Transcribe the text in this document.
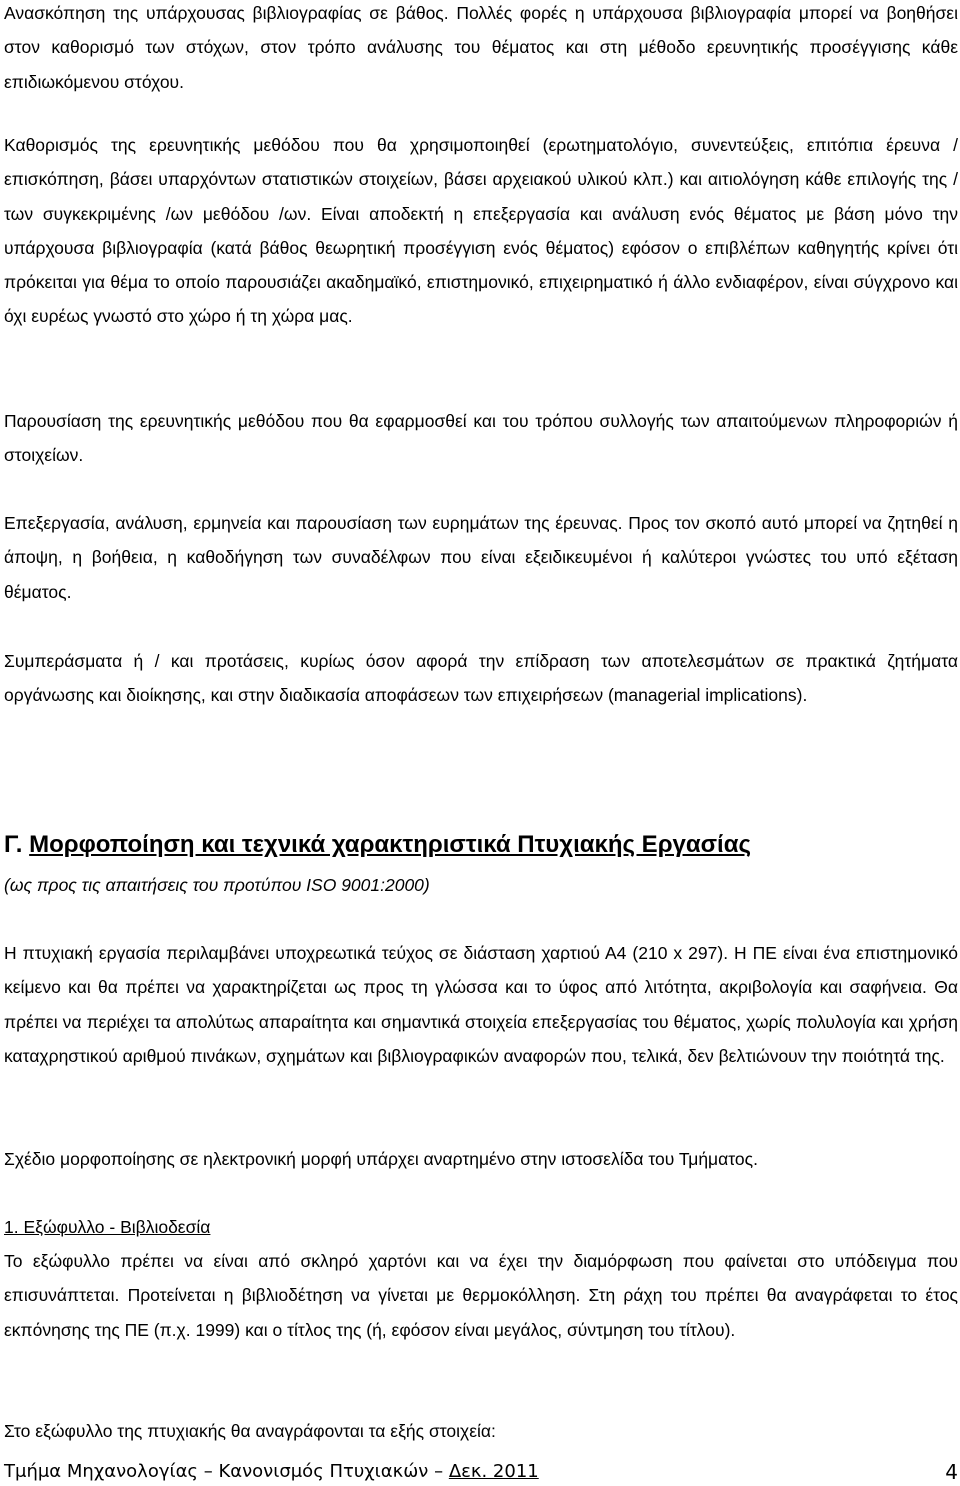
Ανασκόπηση της υπάρχουσας βιβλιογραφίας σε βάθος. Πολλές φορές η υπάρχουσα βιβλιογραφία μπορεί να βοηθήσει στον καθορισμό των στόχων, στον τρόπο ανάλυσης του θέματος και στη μέθοδο ερευνητικής προσέγγισης κάθε επιδιωκόμενου στόχου.

Καθορισμός της ερευνητικής μεθόδου που θα χρησιμοποιηθεί (ερωτηματολόγιο, συνεντεύξεις, επιτόπια έρευνα / επισκόπηση, βάσει υπαρχόντων στατιστικών στοιχείων, βάσει αρχειακού υλικού κλπ.) και αιτιολόγηση κάθε επιλογής της / των συγκεκριμένης /ων μεθόδου /ων. Είναι αποδεκτή η επεξεργασία και ανάλυση ενός θέματος με βάση μόνο την υπάρχουσα βιβλιογραφία (κατά βάθος θεωρητική προσέγγιση ενός θέματος) εφόσον ο επιβλέπων καθηγητής κρίνει ότι πρόκειται για θέμα το οποίο παρουσιάζει ακαδημαϊκό, επιστημονικό, επιχειρηματικό ή άλλο ενδιαφέρον, είναι σύγχρονο και όχι ευρέως γνωστό στο χώρο ή τη χώρα μας.

Παρουσίαση της ερευνητικής μεθόδου που θα εφαρμοσθεί και του τρόπου συλλογής των απαιτούμενων πληροφοριών ή στοιχείων.

Επεξεργασία, ανάλυση, ερμηνεία και παρουσίαση των ευρημάτων της έρευνας. Προς τον σκοπό αυτό μπορεί να ζητηθεί η άποψη, η βοήθεια, η καθοδήγηση των συναδέλφων που είναι εξειδικευμένοι ή καλύτεροι γνώστες του υπό εξέταση θέματος.

Συμπεράσματα ή / και προτάσεις, κυρίως όσον αφορά την επίδραση των αποτελεσμάτων σε πρακτικά ζητήματα οργάνωσης και διοίκησης, και στην διαδικασία αποφάσεων των επιχειρήσεων (managerial implications).

Γ. Μορφοποίηση και τεχνικά χαρακτηριστικά Πτυχιακής Εργασίας

(ως προς τις απαιτήσεις του προτύπου ISO 9001:2000)

Η πτυχιακή εργασία περιλαμβάνει υποχρεωτικά τεύχος σε διάσταση χαρτιού Α4 (210 x 297). Η ΠΕ είναι ένα επιστημονικό κείμενο και θα πρέπει να χαρακτηρίζεται ως προς τη γλώσσα και το ύφος από λιτότητα, ακριβολογία και σαφήνεια. Θα πρέπει να περιέχει τα απολύτως απαραίτητα και σημαντικά στοιχεία επεξεργασίας του θέματος, χωρίς πολυλογία και χρήση καταχρηστικού αριθμού πινάκων, σχημάτων και βιβλιογραφικών αναφορών που, τελικά, δεν βελτιώνουν την ποιότητά της.

Σχέδιο μορφοποίησης σε ηλεκτρονική μορφή υπάρχει αναρτημένο στην ιστοσελίδα του Τμήματος.

1. Εξώφυλλο - Βιβλιοδεσία

Το εξώφυλλο πρέπει να είναι από σκληρό χαρτόνι και να έχει την διαμόρφωση που φαίνεται στο υπόδειγμα που επισυνάπτεται. Προτείνεται η βιβλιοδέτηση να γίνεται με θερμοκόλληση. Στη ράχη του πρέπει θα αναγράφεται το έτος εκπόνησης της ΠΕ (π.χ. 1999) και ο τίτλος της (ή, εφόσον είναι μεγάλος, σύντμηση του τίτλου).

Στο εξώφυλλο της πτυχιακής θα αναγράφονται τα εξής στοιχεία:

Τμήμα Μηχανολογίας – Κανονισμός Πτυχιακών – Δεκ. 2011	4
